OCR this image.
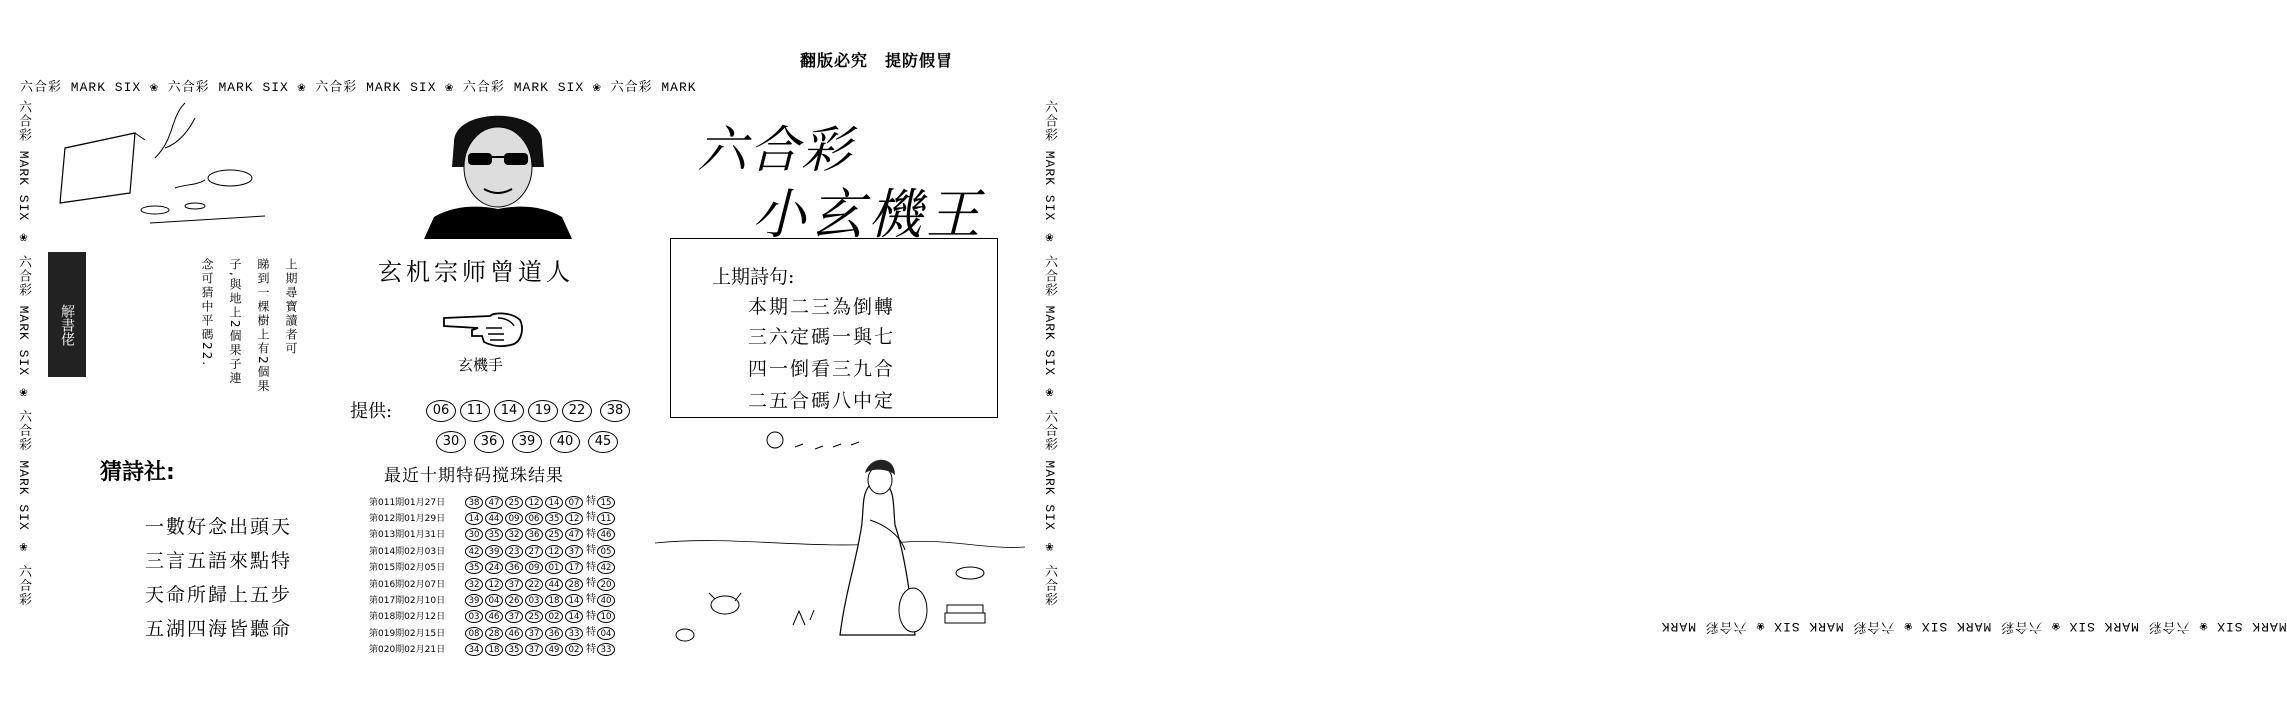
翻版必究　提防假冒
六合彩 MARK SIX ❀ 六合彩 MARK SIX ❀ 六合彩 MARK SIX ❀ 六合彩 MARK SIX ❀ 六合彩 MARK
MARK SIX ❀ 六合彩 MARK SIX ❀ 六合彩 MARK SIX ❀ 六合彩 MARK SIX ❀ 六合彩 MARK
六合彩 MARK SIX ❀ 六合彩 MARK SIX ❀ 六合彩 MARK SIX ❀ 六合彩	六合彩 MARK SIX ❀ 六合彩 MARK SIX ❀ 六合彩 MARK SIX ❀ 六合彩
解書佬	上期尋寶讀者可
睇到一棵樹上有2個果
子,與地上2個果子連
念可猜中平碼22.
猜詩社:
一數好念出頭天
三言五語來點特
天命所歸上五步
五湖四海皆聽命
玄机宗师曾道人
玄機手
提供:	06	11	14	19	22	38
30	36	39	40	45
最近十期特码搅珠结果
第011期01月27日	38 47 25 12 14 07 特 15
第012期01月29日	14 44 09 06 35 12 特 11
第013期01月31日	30 35 32 36 25 47 特 46
第014期02月03日	42 39 23 27 12 37 特 05
第015期02月05日	35 24 36 09 01 17 特 42
第016期02月07日	32 12 37 22 44 28 特 20
第017期02月10日	39 04 26 03 18 14 特 40
第018期02月12日	03 46 37 25 02 14 特 10
第019期02月15日	08 28 46 37 36 33 特 04
第020期02月21日	34 18 35 37 49 02 特 33
六合彩
小玄機王
上期詩句:
本期二三為倒轉
三六定碼一與七
四一倒看三九合
二五合碼八中定
